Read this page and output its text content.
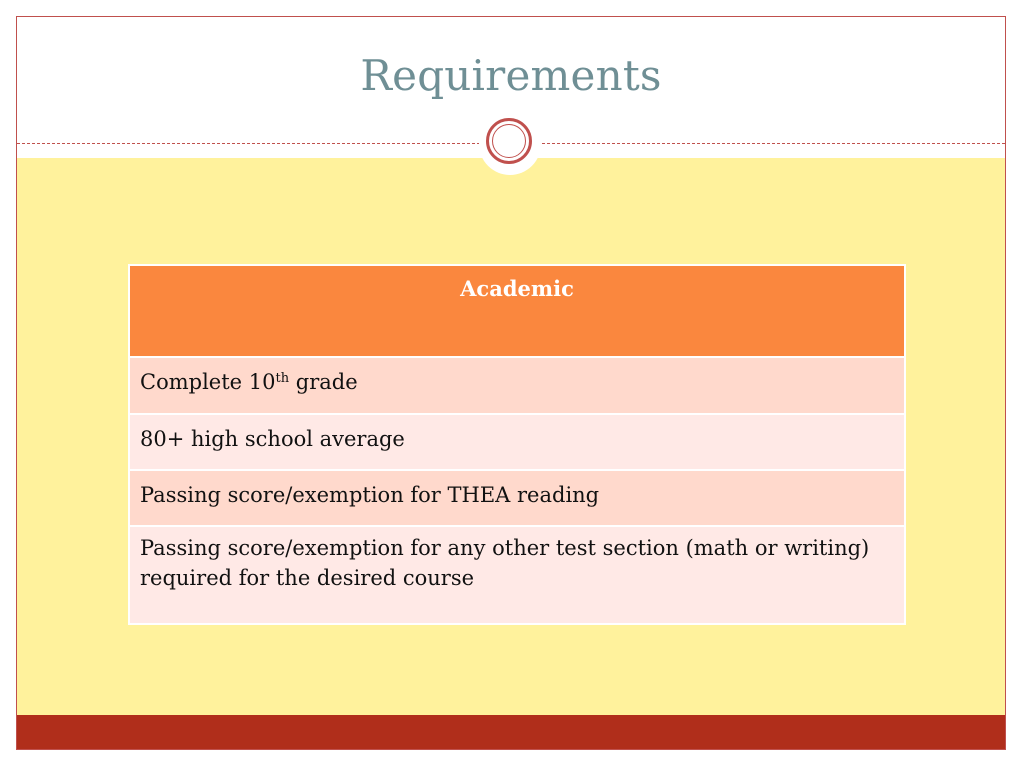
Requirements
Academic
Complete 10th grade
80+ high school average
Passing score/exemption for THEA reading
Passing score/exemption for any other test section (math or writing) required for the desired course
